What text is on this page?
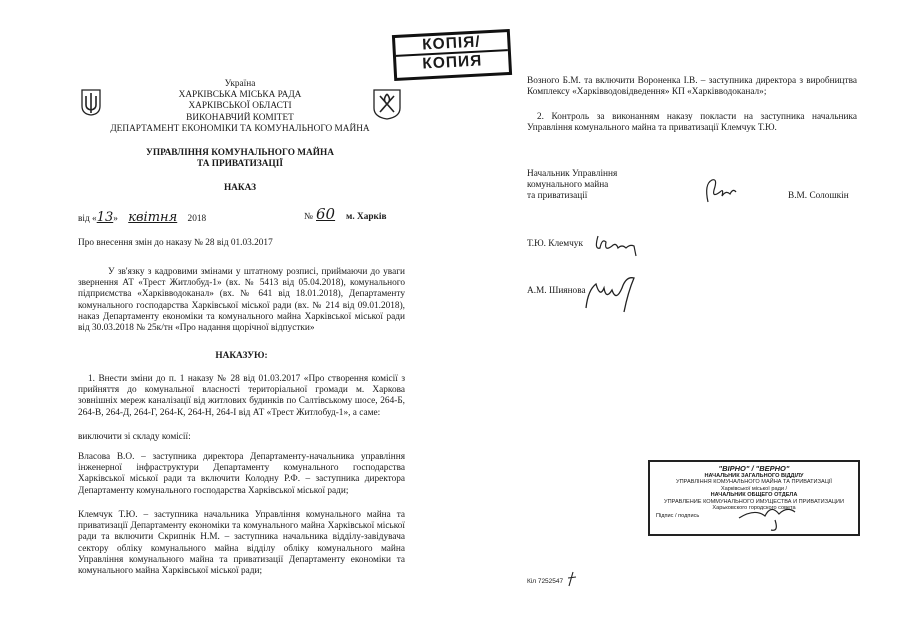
КОПІЯ/
КОПИЯ
Україна
ХАРКІВСЬКА МІСЬКА РАДА
ХАРКІВСЬКОЇ ОБЛАСТІ
ВИКОНАВЧИЙ КОМІТЕТ
ДЕПАРТАМЕНТ ЕКОНОМІКИ ТА КОМУНАЛЬНОГО МАЙНА
УПРАВЛІННЯ КОМУНАЛЬНОГО МАЙНА
ТА ПРИВАТИЗАЦІЇ
НАКАЗ
від «13» квітня 2018	№ 60 м. Харків
Про внесення змін до наказу № 28 від 01.03.2017
У зв'язку з кадровими змінами у штатному розписі, приймаючи до уваги звернення АТ «Трест Житлобуд-1» (вх. № 5413 від 05.04.2018), комунального підприємства «Харківводоканал» (вх. № 641 від 18.01.2018), Департаменту комунального господарства Харківської міської ради (вх. № 214 від 09.01.2018), наказ Департаменту економіки та комунального майна Харківської міської ради від 30.03.2018 № 25к/тн «Про надання щорічної відпустки»
НАКАЗУЮ:
1. Внести зміни до п. 1 наказу № 28 від 01.03.2017 «Про створення комісії з прийняття до комунальної власності територіальної громади м. Харкова зовнішніх мереж каналізації від житлових будинків по Салтівському шосе, 264-Б, 264-В, 264-Д, 264-Г, 264-К, 264-Н, 264-І від АТ «Трест Житлобуд-1», а саме:
виключити зі складу комісії:
Власова В.О. – заступника директора Департаменту-начальника управління інженерної інфраструктури Департаменту комунального господарства Харківської міської ради та включити Колодну Р.Ф. – заступника директора Департаменту комунального господарства Харківської міської ради;
Клемчук Т.Ю. – заступника начальника Управління комунального майна та приватизації Департаменту економіки та комунального майна Харківської міської ради та включити Скрипнік Н.М. – заступника начальника відділу-завідувача сектору обліку комунального майна відділу обліку комунального майна Управління комунального майна та приватизації Департаменту економіки та комунального майна Харківської міської ради;
Возного Б.М. та включити Вороненка І.В. – заступника директора з виробництва Комплексу «Харківводовідведення» КП «Харківводоканал»;
2. Контроль за виконанням наказу покласти на заступника начальника Управління комунального майна та приватизації Клемчук Т.Ю.
Начальник Управління
комунального майна
та приватизації	В.М. Солошкін
Т.Ю. Клемчук
А.М. Шиянова
"ВІРНО" / "ВЕРНО"
НАЧАЛЬНИК ЗАГАЛЬНОГО ВІДДІЛУ
УПРАВЛІННЯ КОМУНАЛЬНОГО МАЙНА ТА ПРИВАТИЗАЦІЇ
Харківської міської ради /
НАЧАЛЬНИК ОБЩЕГО ОТДЕЛА
УПРАВЛЕНИЕ КОММУНАЛЬНОГО ИМУЩЕСТВА И ПРИВАТИЗАЦИИ
Харьковского городского совета
Підпис / подпись
Кіл 7252547
